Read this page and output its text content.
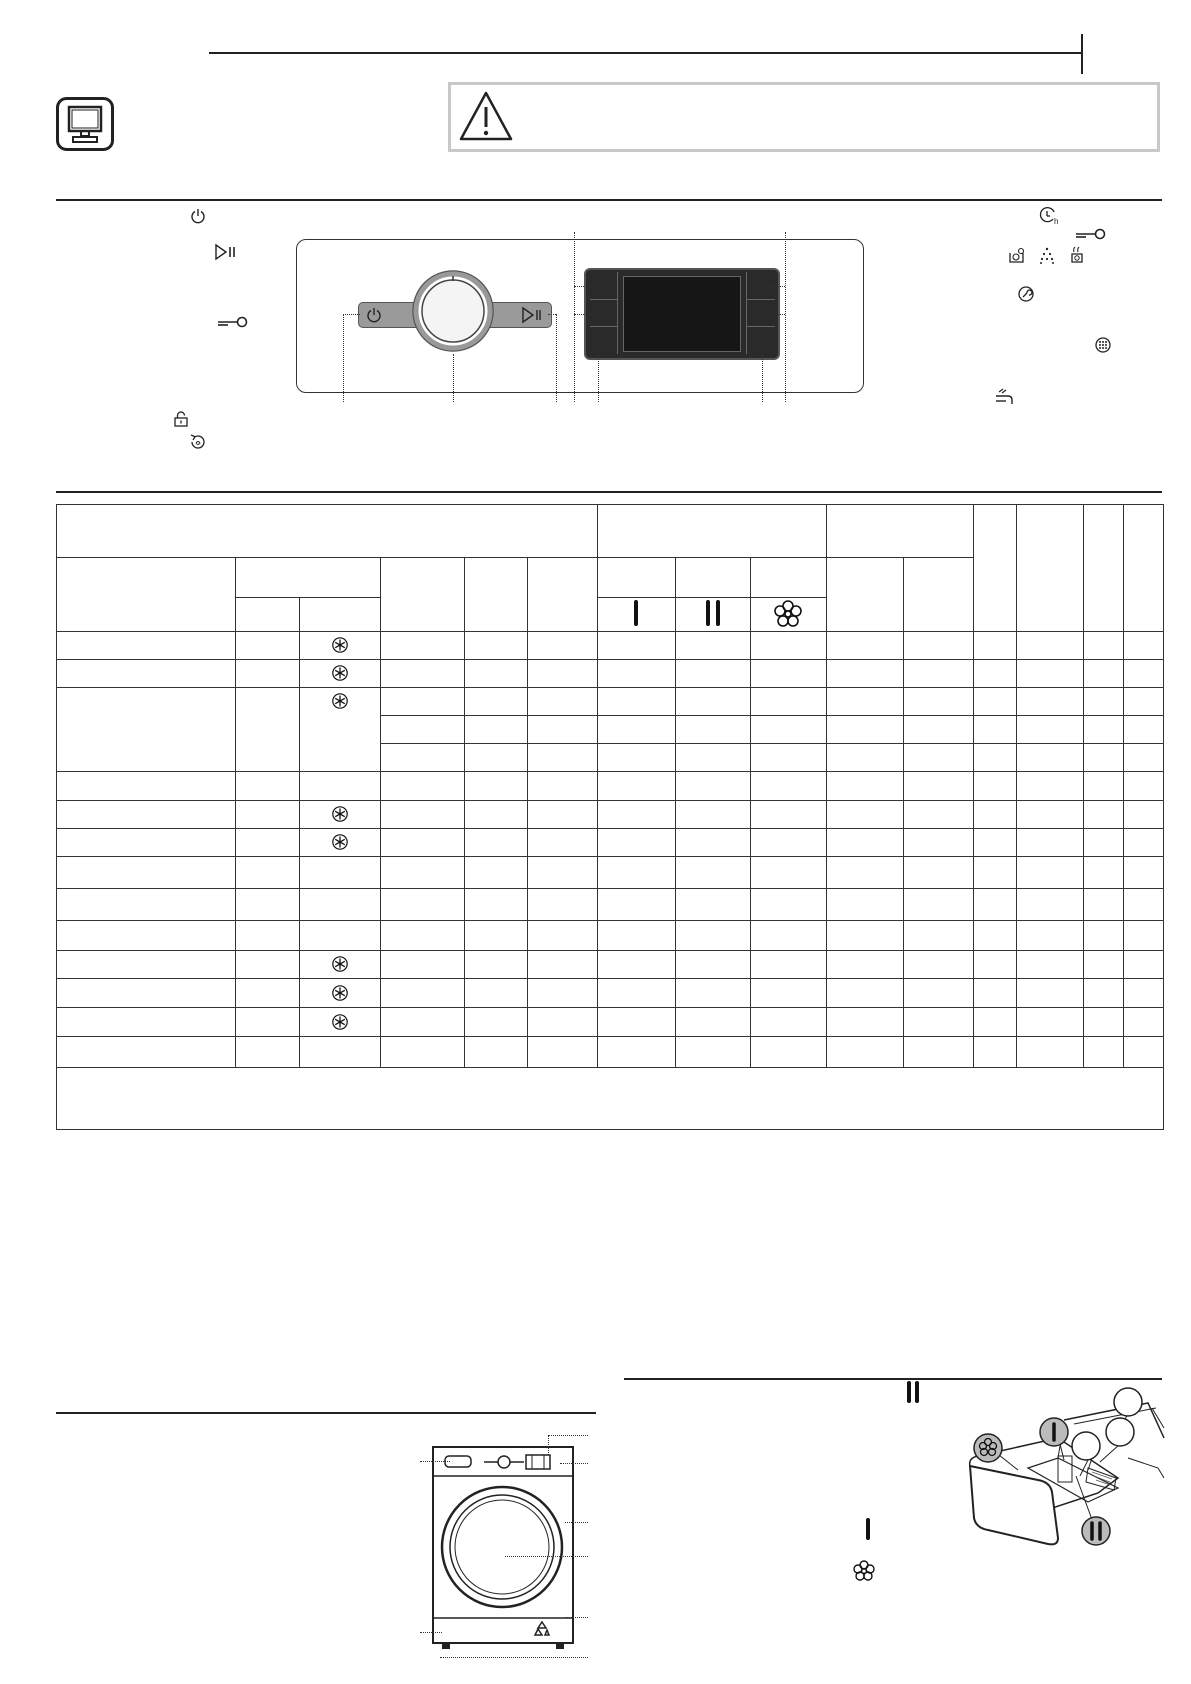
h
